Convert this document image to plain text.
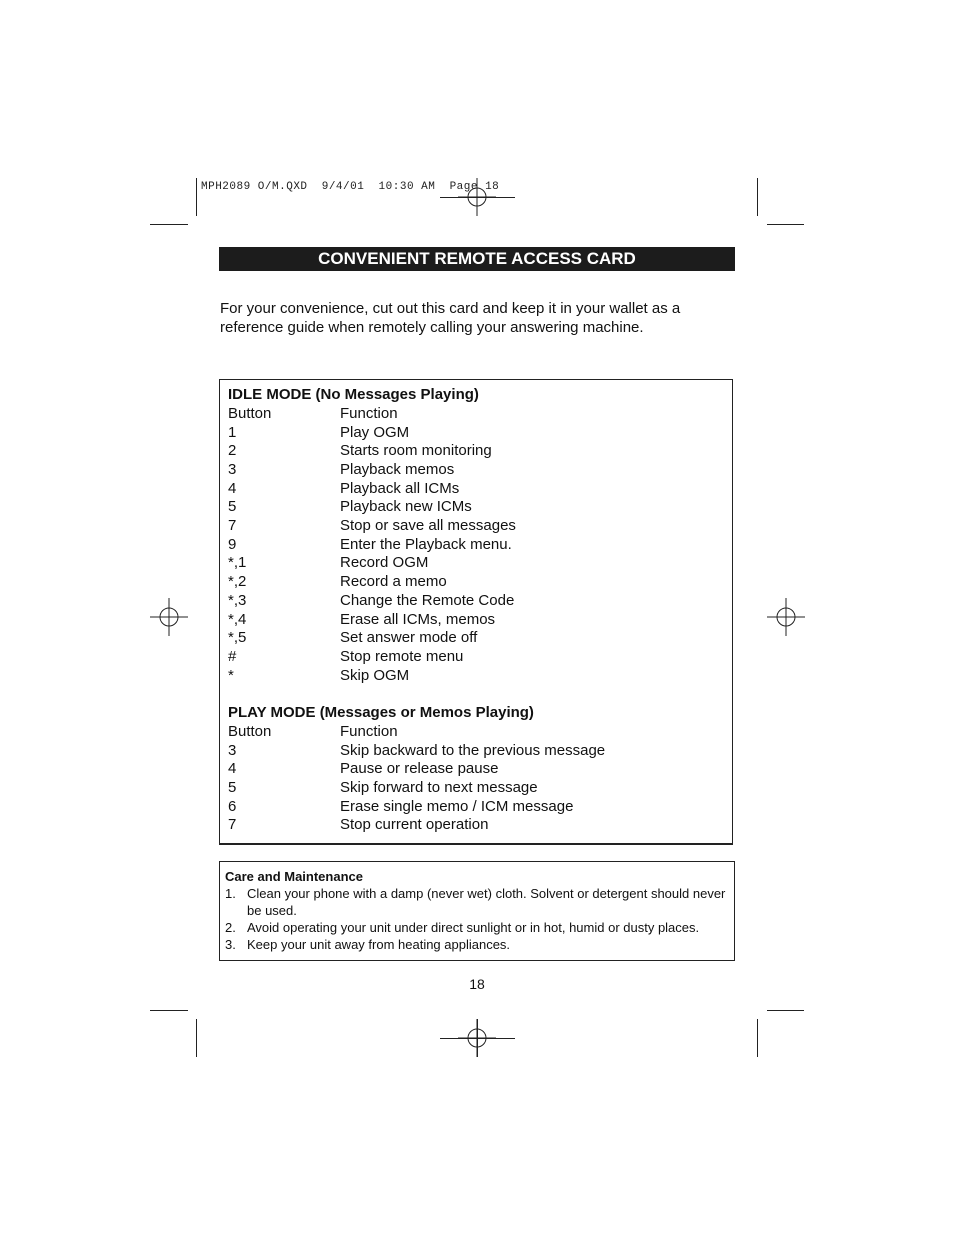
MPH2089 O/M.QXD 9/4/01 10:30 AM Page 18
CONVENIENT REMOTE ACCESS CARD
For your convenience, cut out this card and keep it in your wallet as a reference guide when remotely calling your answering machine.
IDLE MODE (No Messages Playing)
Button	Function
1	Play OGM
2	Starts room monitoring
3	Playback memos
4	Playback all ICMs
5	Playback new ICMs
7	Stop or save all messages
9	Enter the Playback menu.
*,1	Record OGM
*,2	Record a memo
*,3	Change the Remote Code
*,4	Erase all ICMs, memos
*,5	Set answer mode off
#	Stop remote menu
*	Skip OGM
PLAY MODE (Messages or Memos Playing)
Button	Function
3	Skip backward to the previous message
4	Pause or release pause
5	Skip forward to next message
6	Erase single memo / ICM message
7	Stop current operation
Care and Maintenance
1. Clean your phone with a damp (never wet) cloth. Solvent or detergent should never be used.
2. Avoid operating your unit under direct sunlight or in hot, humid or dusty places.
3. Keep your unit away from heating appliances.
18
